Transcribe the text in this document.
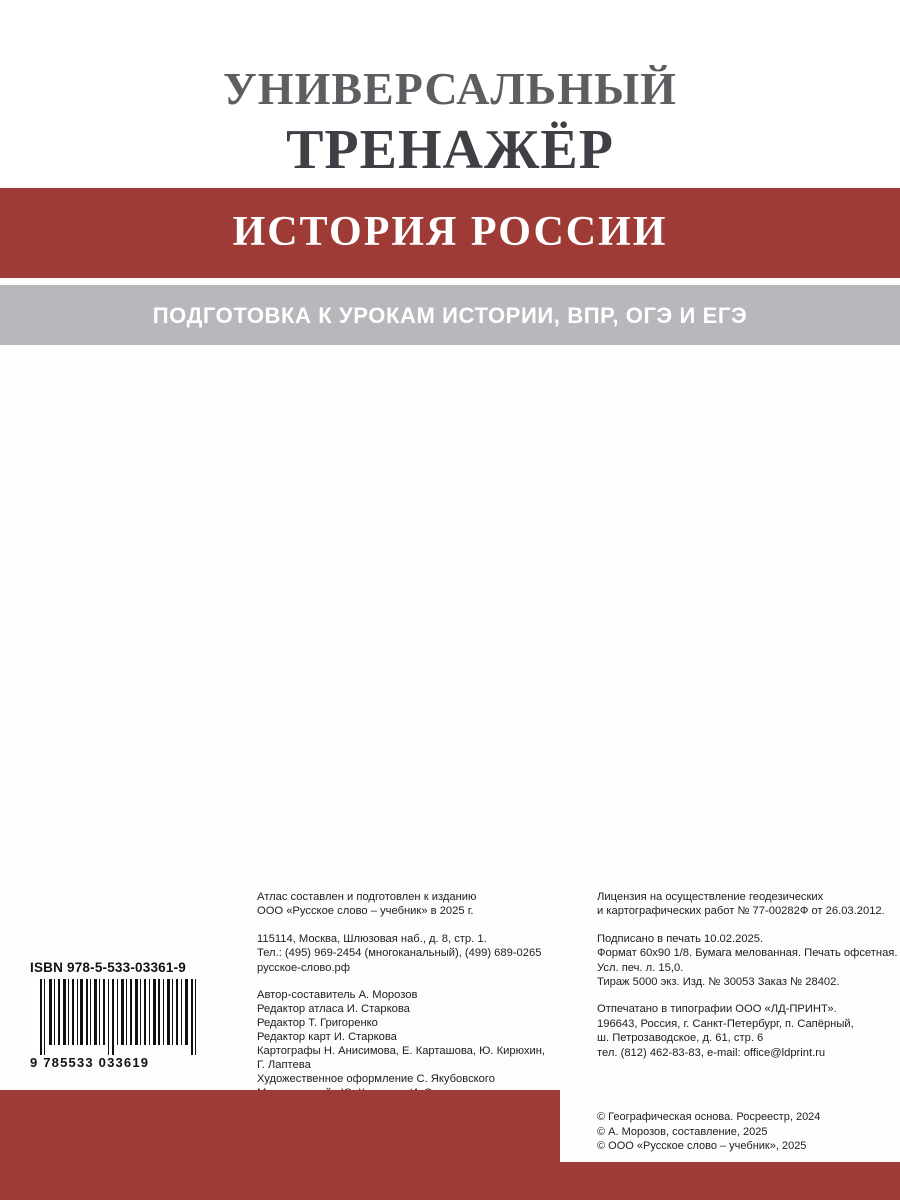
УНИВЕРСАЛЬНЫЙ
ТРЕНАЖЁР
ИСТОРИЯ РОССИИ
ПОДГОТОВКА К УРОКАМ ИСТОРИИ, ВПР, ОГЭ И ЕГЭ
Атлас составлен и подготовлен к изданию
ООО «Русское слово – учебник» в 2025 г.
115114, Москва, Шлюзовая наб., д. 8, стр. 1.
Тел.: (495) 969-2454 (многоканальный), (499) 689-0265
русское-слово.рф
Автор-составитель А. Морозов
Редактор атласа И. Старкова
Редактор Т. Григоренко
Редактор карт И. Старкова
Картографы Н. Анисимова, Е. Карташова, Ю. Кирюхин,
Г. Лаптева
Художественное оформление С. Якубовского
Лицензия на осуществление геодезических
и картографических работ № 77-00282Ф от 26.03.2012.
Подписано в печать 10.02.2025.
Формат 60x90 1/8. Бумага мелованная. Печать офсетная.
Усл. печ. л. 15,0.
Тираж 5000 экз. Изд. № 30053 Заказ № 28402.
Отпечатано в типографии ООО «ЛД-ПРИНТ».
196643, Россия, г. Санкт-Петербург, п. Сапёрный,
ш. Петрозаводское, д. 61, стр. 6
тел. (812) 462-83-83, e-mail: office@ldprint.ru
ISBN 978-5-533-03361-9
9 785533 033619
© Географическая основа. Росреестр, 2024
© А. Морозов, составление, 2025
© ООО «Русское слово – учебник», 2025
